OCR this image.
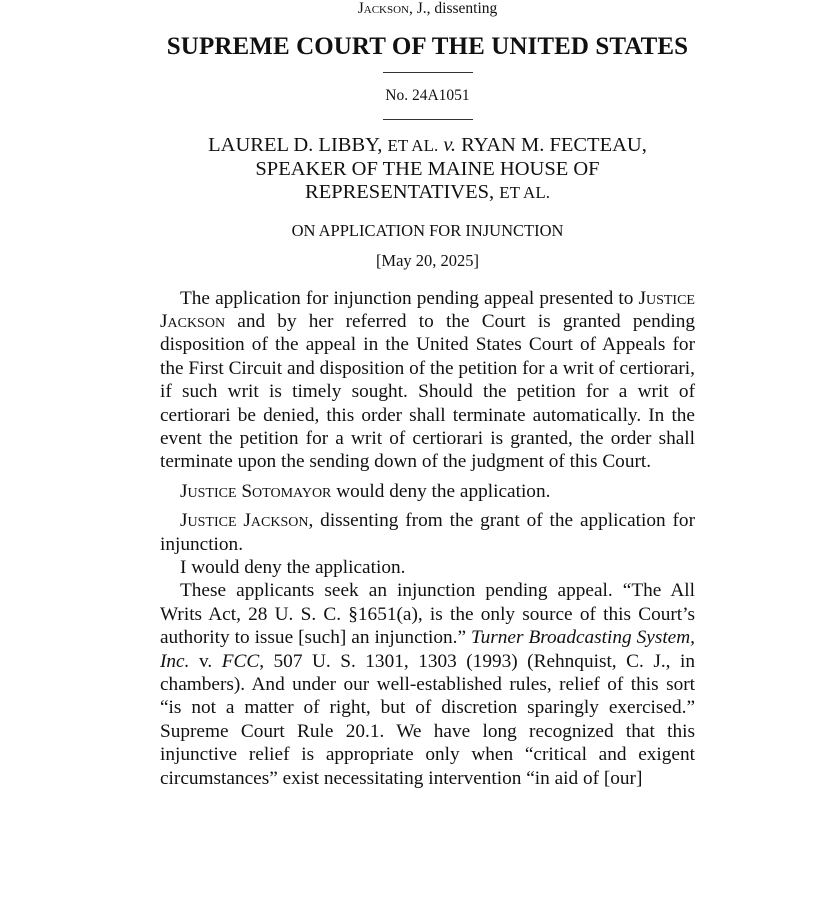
Jackson, J., dissenting
SUPREME COURT OF THE UNITED STATES
No. 24A1051
LAUREL D. LIBBY, ET AL. v. RYAN M. FECTEAU,
SPEAKER OF THE MAINE HOUSE OF
REPRESENTATIVES, ET AL.
ON APPLICATION FOR INJUNCTION
[May 20, 2025]

The application for injunction pending appeal presented to Justice Jackson and by her referred to the Court is granted pending disposition of the appeal in the United States Court of Appeals for the First Circuit and disposition of the petition for a writ of certiorari, if such writ is timely sought. Should the petition for a writ of certiorari be denied, this order shall terminate automatically. In the event the petition for a writ of certiorari is granted, the order shall terminate upon the sending down of the judgment of this Court.

Justice Sotomayor would deny the application.

Justice Jackson, dissenting from the grant of the application for injunction.

I would deny the application.

These applicants seek an injunction pending appeal. “The All Writs Act, 28 U. S. C. §1651(a), is the only source of this Court’s authority to issue [such] an injunction.” Turner Broadcasting System, Inc. v. FCC, 507 U. S. 1301, 1303 (1993) (Rehnquist, C. J., in chambers). And under our well-established rules, relief of this sort “is not a matter of right, but of discretion sparingly exercised.” Supreme Court Rule 20.1. We have long recognized that this injunctive relief is appropriate only when “critical and exigent circumstances” exist necessitating intervention “in aid of [our]
